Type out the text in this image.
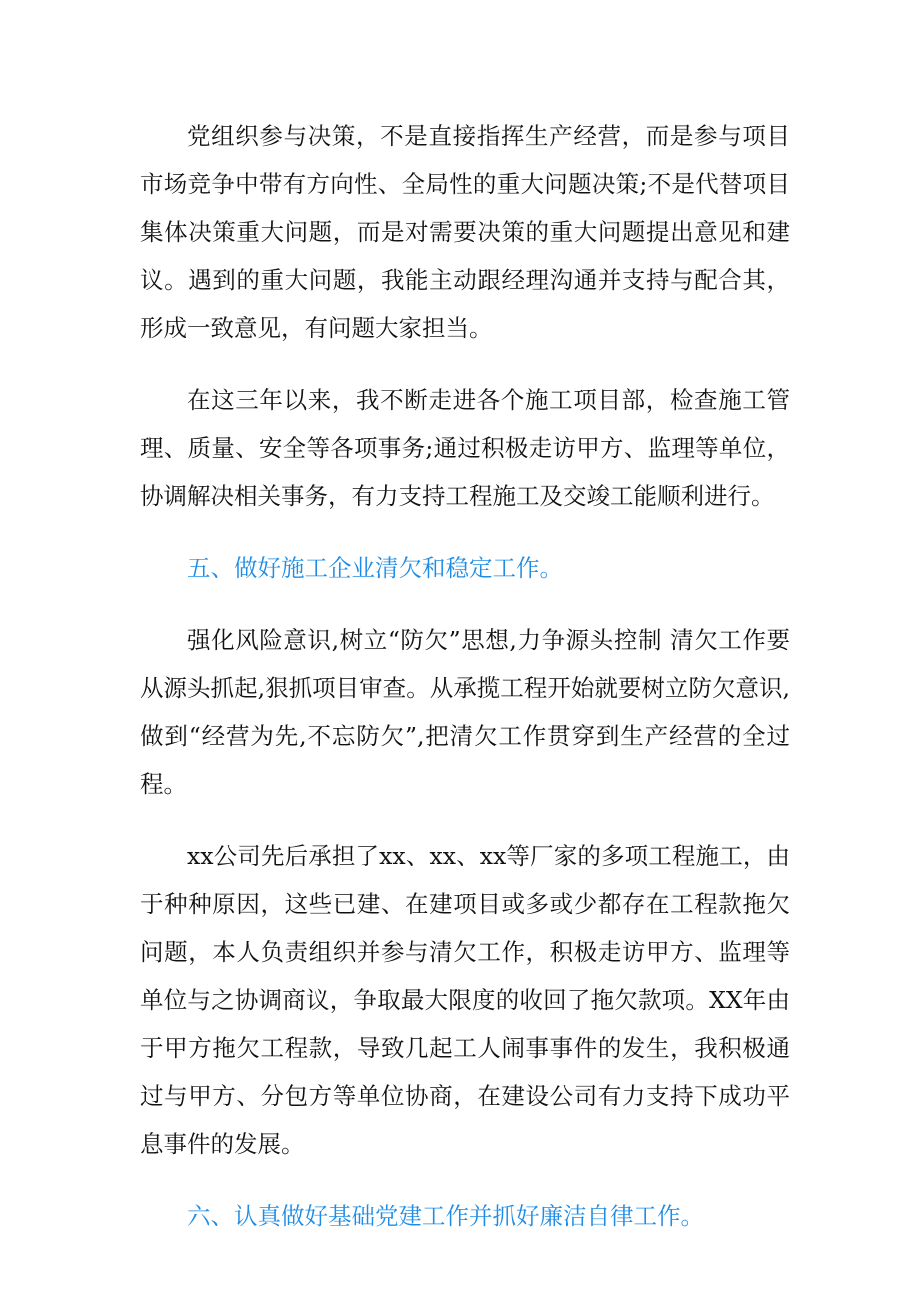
党组织参与决策，不是直接指挥生产经营，而是参与项目市场竞争中带有方向性、全局性的重大问题决策;不是代替项目集体决策重大问题，而是对需要决策的重大问题提出意见和建议。遇到的重大问题，我能主动跟经理沟通并支持与配合其，形成一致意见，有问题大家担当。

在这三年以来，我不断走进各个施工项目部，检查施工管理、质量、安全等各项事务;通过积极走访甲方、监理等单位，协调解决相关事务，有力支持工程施工及交竣工能顺利进行。

五、做好施工企业清欠和稳定工作。

强化风险意识,树立“防欠”思想,力争源头控制 清欠工作要从源头抓起,狠抓项目审查。从承揽工程开始就要树立防欠意识,做到“经营为先,不忘防欠”,把清欠工作贯穿到生产经营的全过程。

xx公司先后承担了xx、xx、xx等厂家的多项工程施工，由于种种原因，这些已建、在建项目或多或少都存在工程款拖欠问题，本人负责组织并参与清欠工作，积极走访甲方、监理等单位与之协调商议，争取最大限度的收回了拖欠款项。XX年由于甲方拖欠工程款，导致几起工人闹事事件的发生，我积极通过与甲方、分包方等单位协商，在建设公司有力支持下成功平息事件的发展。

六、认真做好基础党建工作并抓好廉洁自律工作。
